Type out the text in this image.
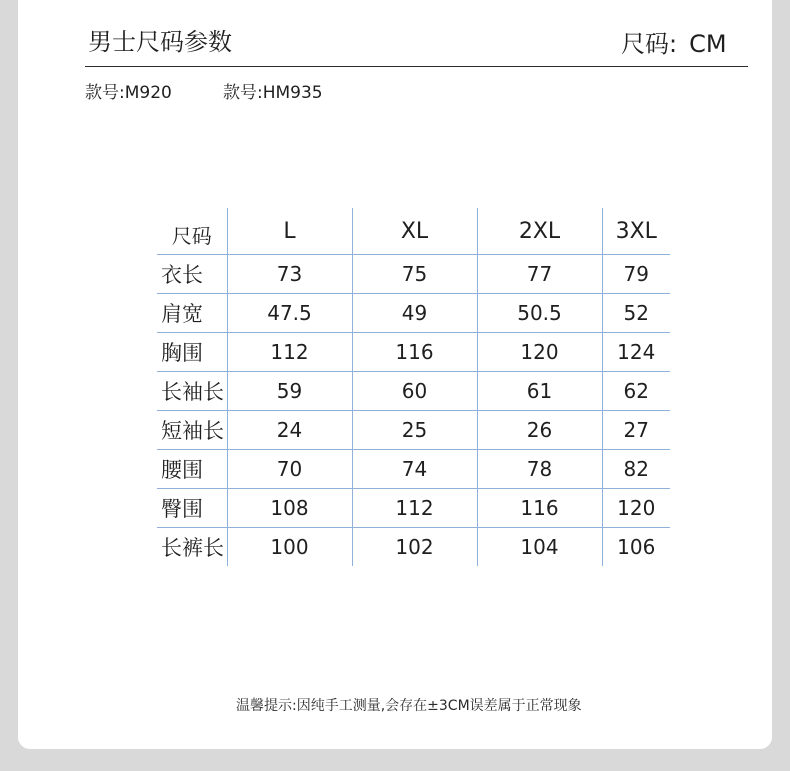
男士尺码参数	尺码: CM
款号:M920	款号:HM935
尺码	L	XL	2XL	3XL
衣长	73	75	77	79
肩宽	47.5	49	50.5	52
胸围	112	116	120	124
长袖长	59	60	61	62
短袖长	24	25	26	27
腰围	70	74	78	82
臀围	108	112	116	120
长裤长	100	102	104	106
温馨提示:因纯手工测量,会存在±3CM误差属于正常现象
